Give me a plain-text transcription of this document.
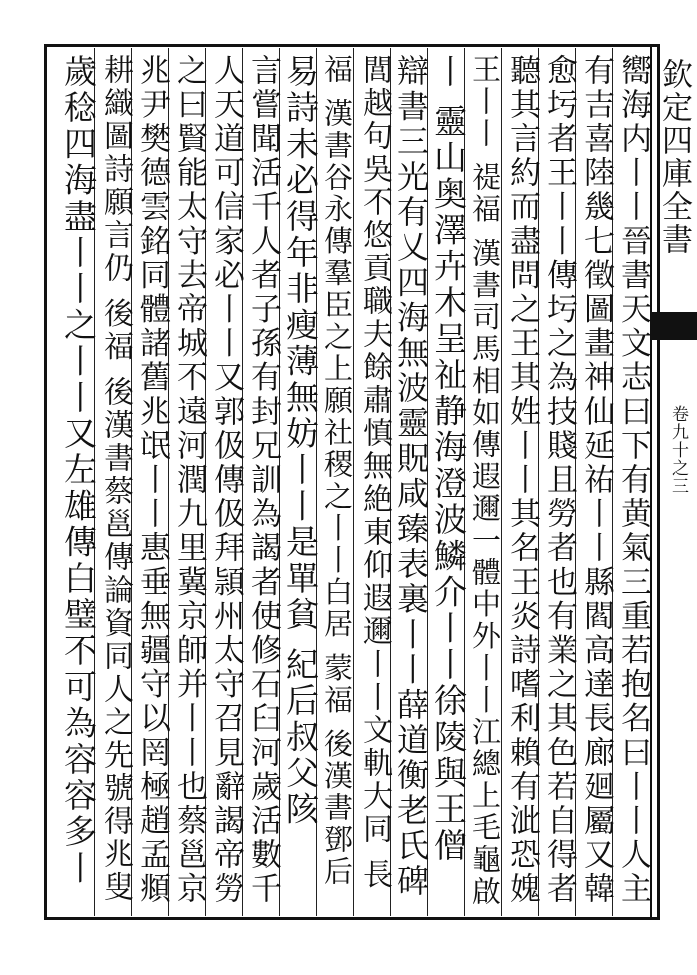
欽定四庫全書
卷九十之三
嚮海内丨丨晉書天文志曰下有黄氣三重若抱名曰丨丨人主
有吉喜陸㡬七徵圖畫神仙延祐丨丨縣閻高達長廊廻屬又韓
愈圬者王丨丨傳圬之為技賤且勞者也有業之其色若自得者
聽其言約而盡問之王其姓丨丨其名王炎詩嗜利賴有泚恐媿
王丨丨 禔福 漢書司馬相如傳遐邇一體中外丨丨江總上毛龜啟
丨 靈山奥澤卉木呈祉静海澄波鱗介丨丨徐陵與王僧
辯書三光有乂四海無波靈貺咸臻表裏丨丨薛道衡老氏碑
閭越句吳不悠貢職夫餘肅慎無絶東仰遐邇丨丨文軌大同 長
福 漢書谷永傳羣臣之上願社稷之丨丨白居 蒙福 後漢書鄧后
易詩未必得年非瘦薄無妨丨丨是單貧 紀后叔父陔
言嘗聞活千人者子孫有封兄訓為謁者使修石臼河歲活數千
人天道可信家必丨丨又郭伋傳伋拜頴州太守召見辭謁帝勞
之曰賢能太守去帝城不遠河潤九里冀京師并丨丨也蔡邕京
兆尹樊德雲銘同體諸舊兆氓丨丨惠垂無疆守以罔極趙孟頫
耕織圖詩願言仍 後福 後漢書蔡邕傳論資同人之先號得兆叟
歲稔四海盡丨丨之丨丨又左雄傳白璧不可為容容多丨
